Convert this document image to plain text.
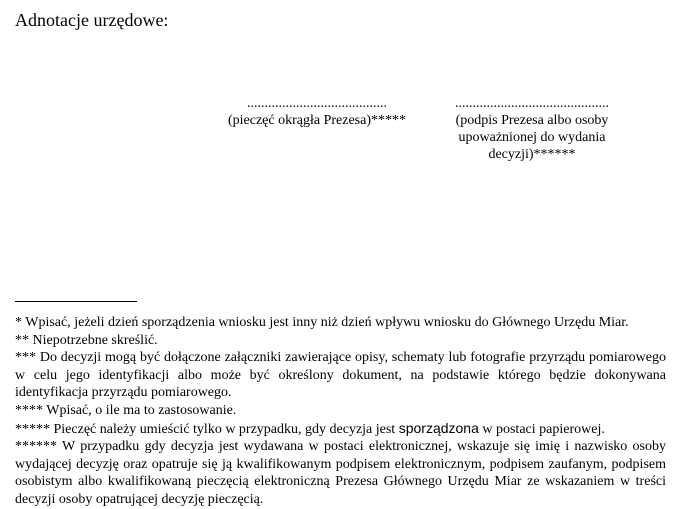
Adnotacje urzędowe:
........................................
(pieczęć okrągła Prezesa)*****
............................................
(podpis Prezesa albo osoby upoważnionej do wydania decyzji)******

* Wpisać, jeżeli dzień sporządzenia wniosku jest inny niż dzień wpływu wniosku do Głównego Urzędu Miar.

** Niepotrzebne skreślić.

*** Do decyzji mogą być dołączone załączniki zawierające opisy, schematy lub fotografie przyrządu pomiarowego w celu jego identyfikacji albo może być określony dokument, na podstawie którego będzie dokonywana identyfikacja przyrządu pomiarowego.

**** Wpisać, o ile ma to zastosowanie.

***** Pieczęć należy umieścić tylko w przypadku, gdy decyzja jest sporządzona w postaci papierowej.

****** W przypadku gdy decyzja jest wydawana w postaci elektronicznej, wskazuje się imię i nazwisko osoby wydającej decyzję oraz opatruje się ją kwalifikowanym podpisem elektronicznym, podpisem zaufanym, podpisem osobistym albo kwalifikowaną pieczęcią elektroniczną Prezesa Głównego Urzędu Miar ze wskazaniem w treści decyzji osoby opatrującej decyzję pieczęcią.
